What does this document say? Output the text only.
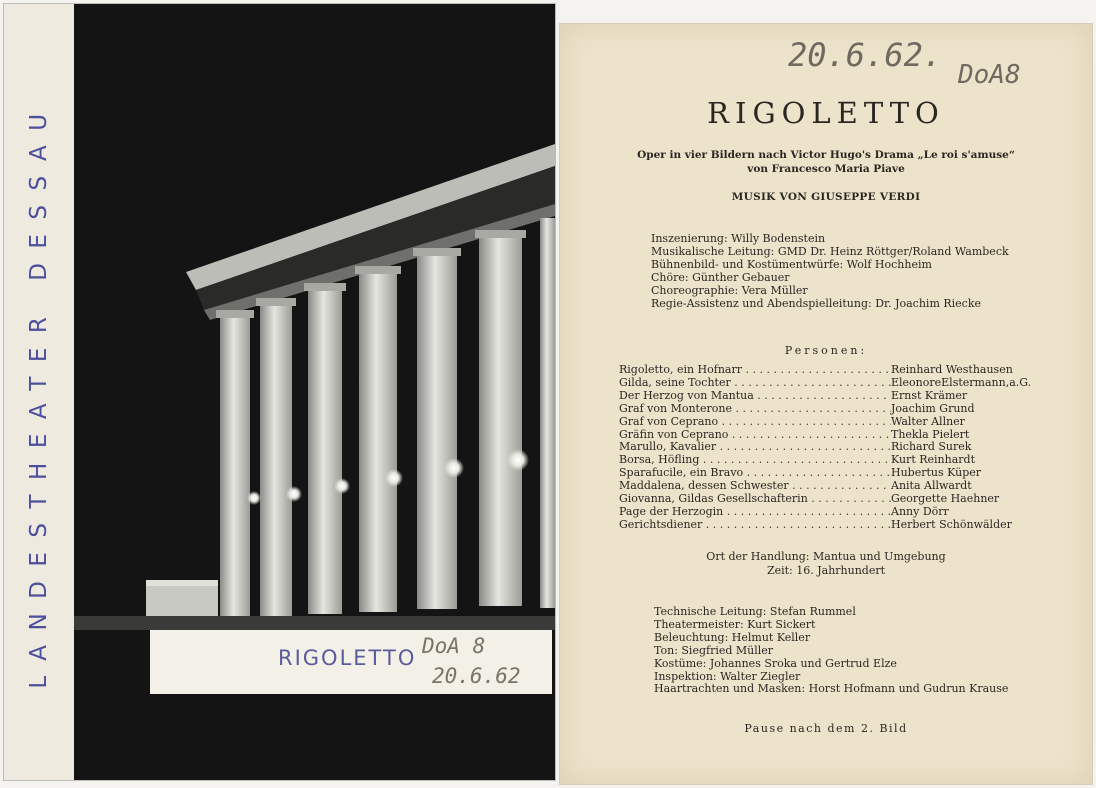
LANDESTHEATER DESSAU	RIGOLETTO DoA 8
20.6.62
20.6.62.
DoA8
RIGOLETTO
Oper in vier Bildern nach Victor Hugo's Drama „Le roi s'amuse“
von Francesco Maria Piave
MUSIK VON GIUSEPPE VERDI
Inszenierung: Willy Bodenstein
Musikalische Leitung: GMD Dr. Heinz Röttger/Roland Wambeck
Bühnenbild- und Kostümentwürfe: Wolf Hochheim
Chöre: Günther Gebauer
Choreographie: Vera Müller
Regie-Assistenz und Abendspielleitung: Dr. Joachim Riecke
Personen:
Rigoletto, ein Hofnarr . . .	Reinhard Westhausen
Gilda, seine Tochter . . .	EleonoreElstermann,a.G.
Der Herzog von Mantua . . .	Ernst Krämer
Graf von Monterone . . .	Joachim Grund
Graf von Ceprano . . .	Walter Allner
Gräfin von Ceprano . . .	Thekla Pielert
Marullo, Kavalier . . .	Richard Surek
Borsa, Höfling . . .	Kurt Reinhardt
Sparafucile, ein Bravo . . .	Hubertus Küper
Maddalena, dessen Schwester . . .	Anita Allwardt
Giovanna, Gildas Gesellschafterin . . .	Georgette Haehner
Page der Herzogin . . .	Anny Dörr
Gerichtsdiener . . .	Herbert Schönwälder
Ort der Handlung: Mantua und Umgebung
Zeit: 16. Jahrhundert
Technische Leitung: Stefan Rummel
Theatermeister: Kurt Sickert
Beleuchtung: Helmut Keller
Ton: Siegfried Müller
Kostüme: Johannes Sroka und Gertrud Elze
Inspektion: Walter Ziegler
Haartrachten und Masken: Horst Hofmann und Gudrun Krause
Pause nach dem 2. Bild
